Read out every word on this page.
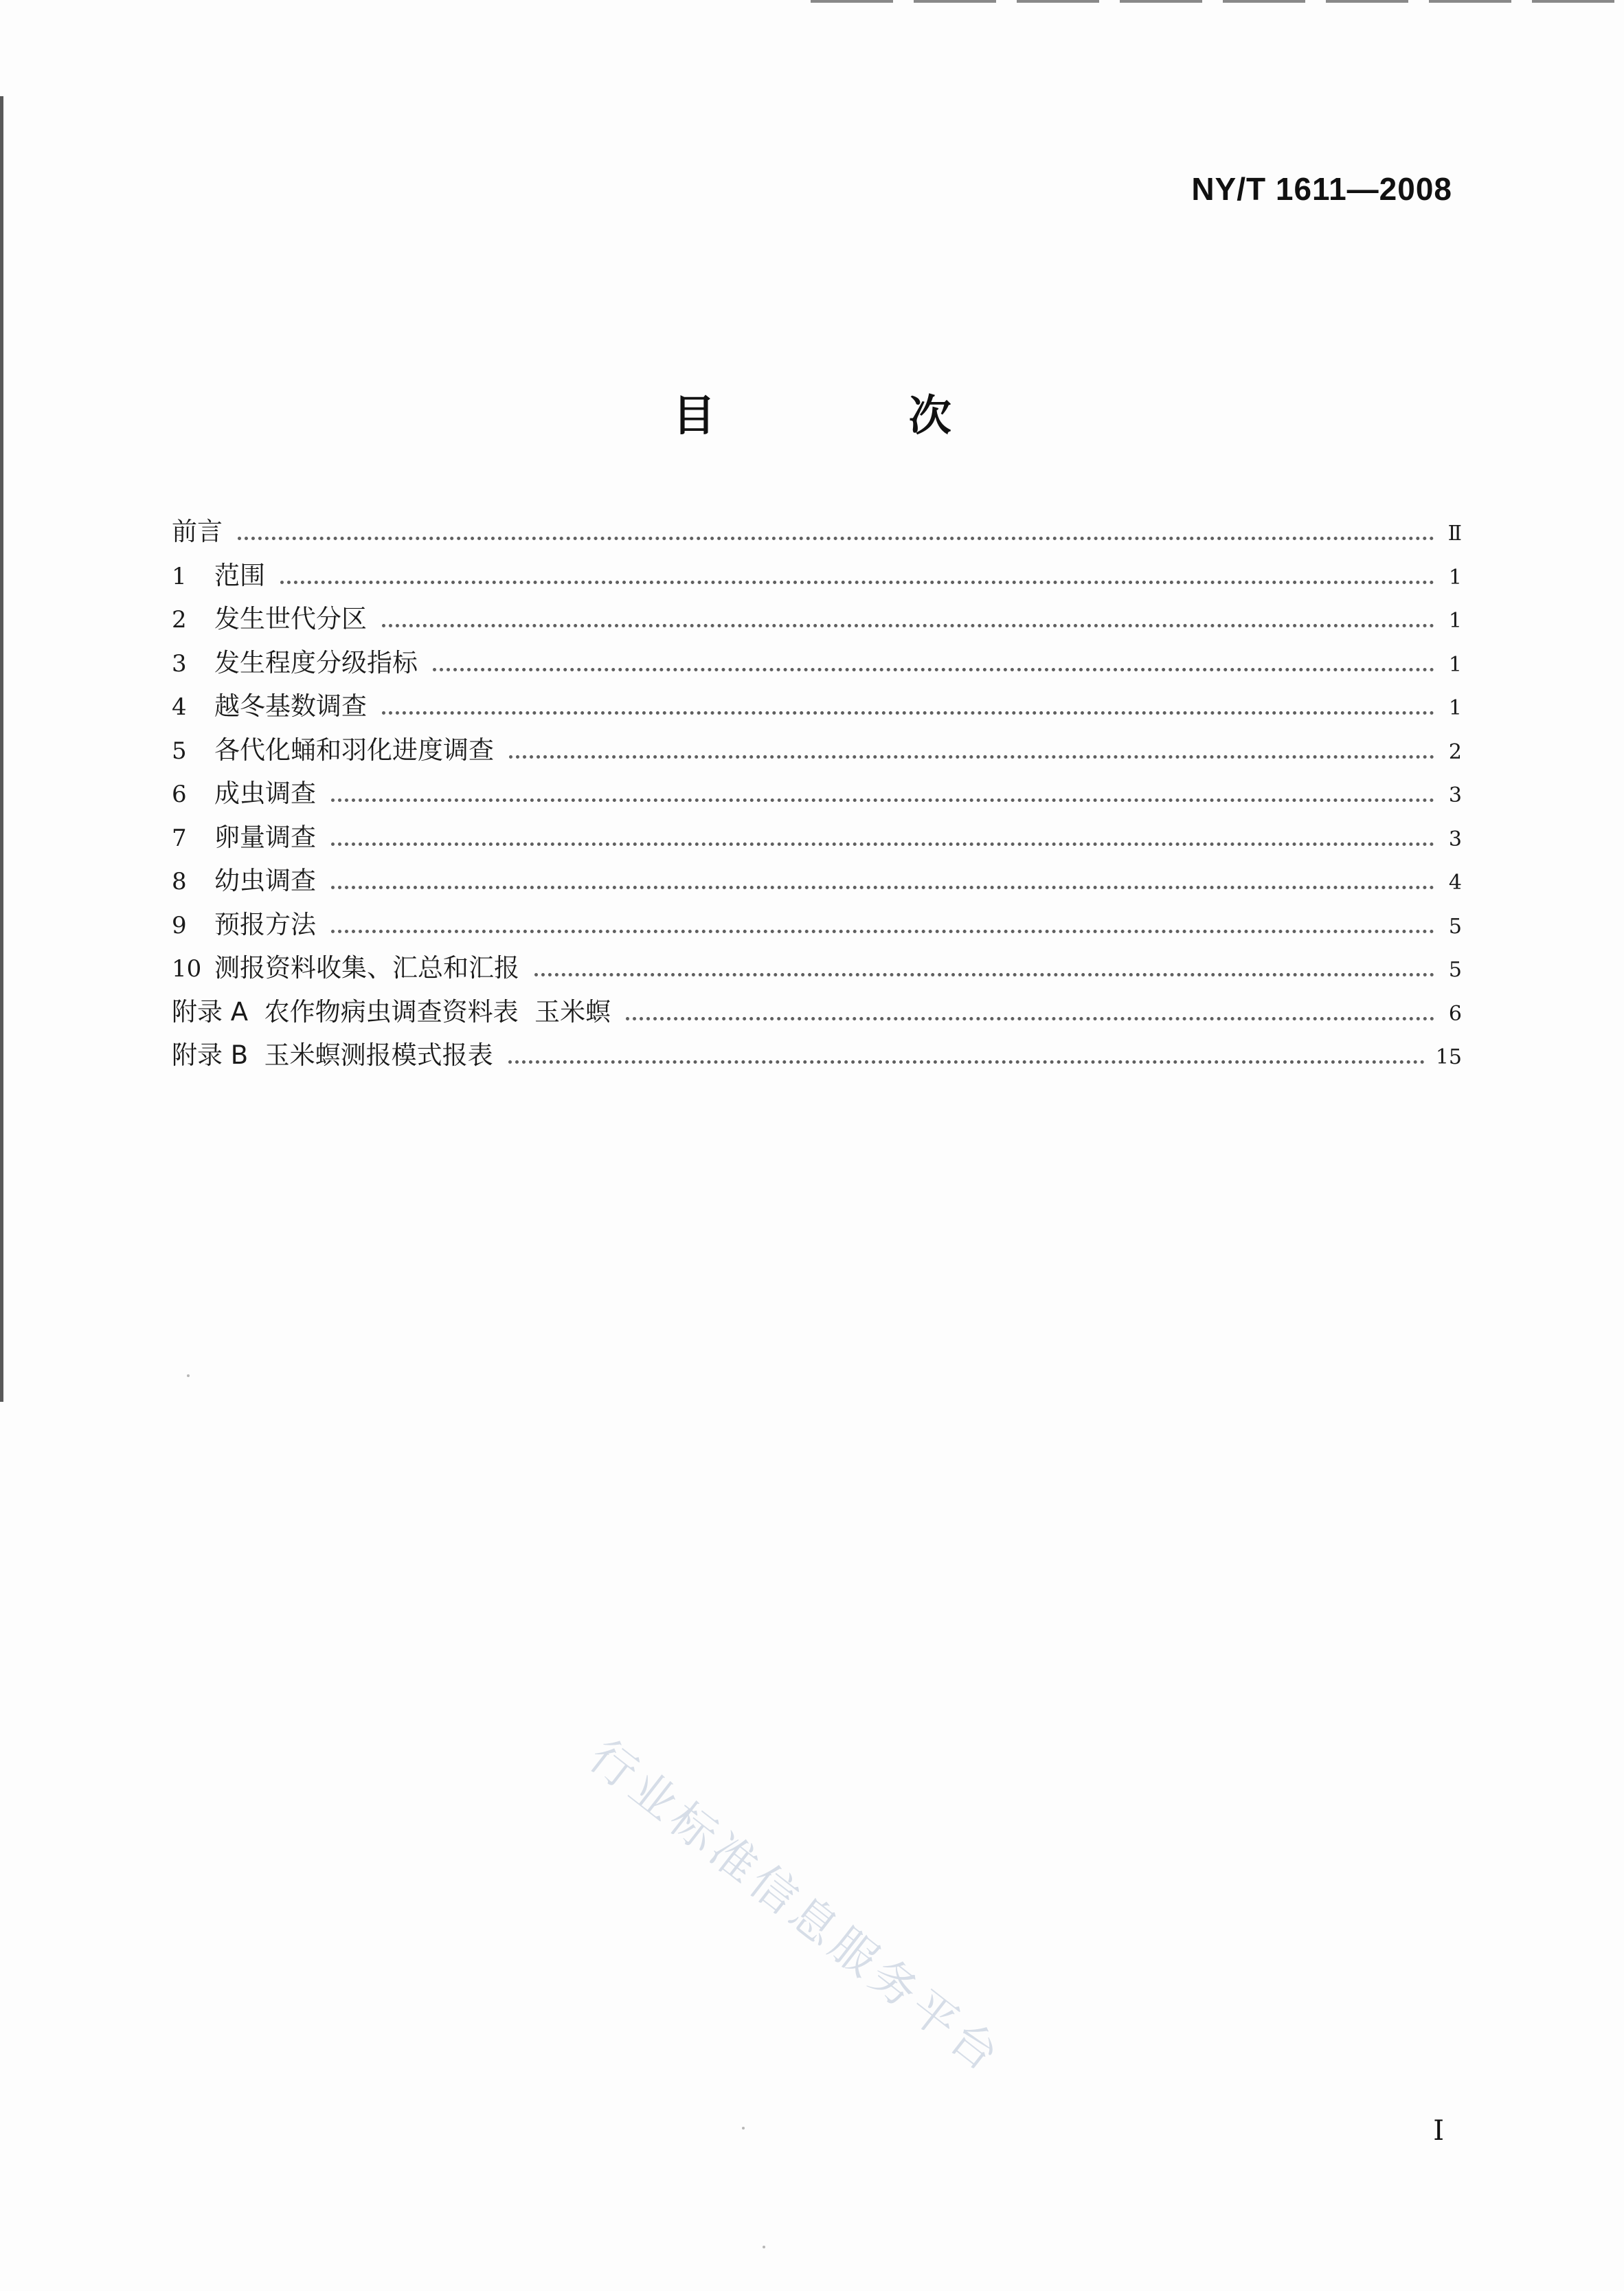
NY/T 1611—2008
目 次
前言	Ⅱ
1	范围	1
2	发生世代分区	1
3	发生程度分级指标	1
4	越冬基数调查	1
5	各代化蛹和羽化进度调查	2
6	成虫调查	3
7	卵量调查	3
8	幼虫调查	4
9	预报方法	5
10 测报资料收集、汇总和汇报	5
附录 A  农作物病虫调查资料表  玉米螟	6
附录 B  玉米螟测报模式报表	15
行业标准信息服务平台
I
